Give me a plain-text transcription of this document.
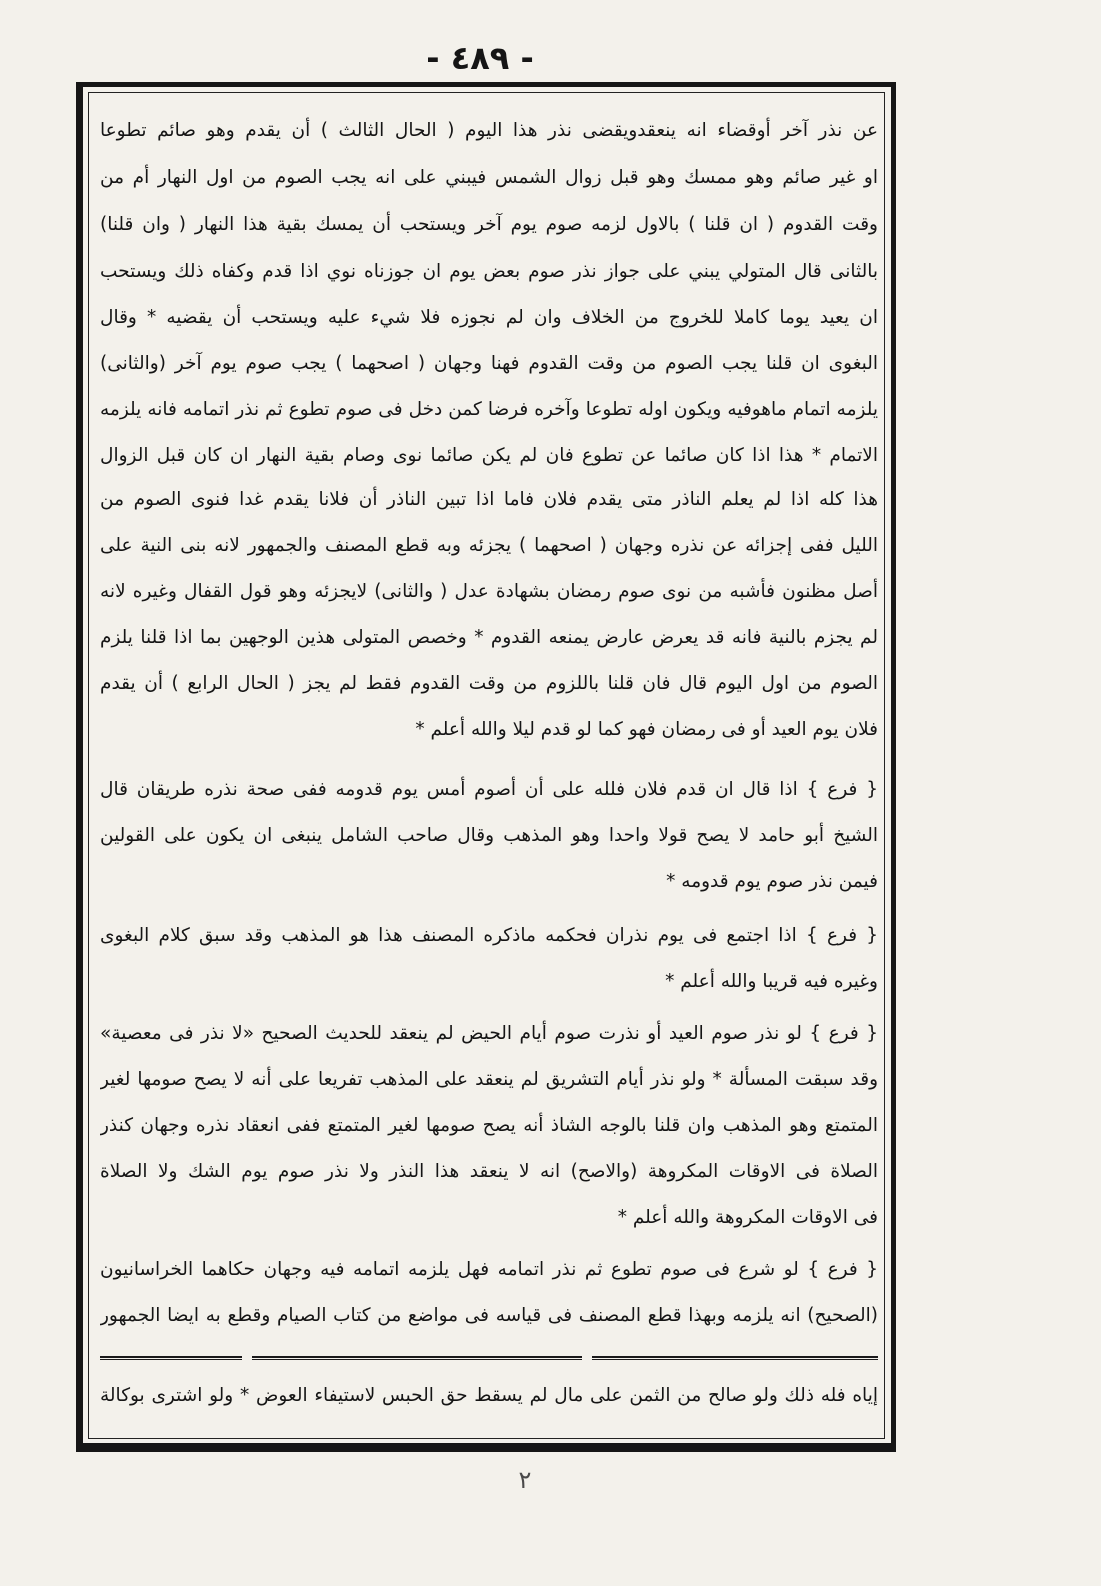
- ٤٨٩ -
عن نذر آخر أوقضاء انه ينعقدويقضى نذر هذا اليوم ( الحال الثالث ) أن يقدم وهو صائم تطوعا
او غير صائم وهو ممسك وهو قبل زوال الشمس فيبني على انه يجب الصوم من اول النهار أم من
وقت القدوم ( ان قلنا ) بالاول لزمه صوم يوم آخر ويستحب أن يمسك بقية هذا النهار ( وان قلنا)
بالثانى قال المتولي يبني على جواز نذر صوم بعض يوم ان جوزناه نوي اذا قدم وكفاه ذلك ويستحب
ان يعيد يوما كاملا للخروج من الخلاف وان لم نجوزه فلا شيء عليه ويستحب أن يقضيه * وقال
البغوى ان قلنا يجب الصوم من وقت القدوم فهنا وجهان ( اصحهما ) يجب صوم يوم آخر (والثانى)
يلزمه اتمام ماهوفيه ويكون اوله تطوعا وآخره فرضا كمن دخل فى صوم تطوع ثم نذر اتمامه فانه يلزمه
الاتمام * هذا اذا كان صائما عن تطوع فان لم يكن صائما نوى وصام بقية النهار ان كان قبل الزوال
هذا كله اذا لم يعلم الناذر متى يقدم فلان فاما اذا تبين الناذر أن فلانا يقدم غدا فنوى الصوم من
الليل ففى إجزائه عن نذره وجهان ( اصحهما ) يجزئه وبه قطع المصنف والجمهور لانه بنى النية على
أصل مظنون فأشبه من نوى صوم رمضان بشهادة عدل ( والثانى) لايجزئه وهو قول القفال وغيره لانه
لم يجزم بالنية فانه قد يعرض عارض يمنعه القدوم * وخصص المتولى هذين الوجهين بما اذا قلنا يلزم
الصوم من اول اليوم قال فان قلنا باللزوم من وقت القدوم فقط لم يجز ( الحال الرابع ) أن يقدم
فلان يوم العيد أو فى رمضان فهو كما لو قدم ليلا والله أعلم *
{ فرع } اذا قال ان قدم فلان فلله على أن أصوم أمس يوم قدومه ففى صحة نذره طريقان قال
الشيخ أبو حامد لا يصح قولا واحدا وهو المذهب وقال صاحب الشامل ينبغى ان يكون على القولين
فيمن نذر صوم يوم قدومه *
{ فرع } اذا اجتمع فى يوم نذران فحكمه ماذكره المصنف هذا هو المذهب وقد سبق كلام البغوى
وغيره فيه قريبا والله أعلم *
{ فرع } لو نذر صوم العيد أو نذرت صوم أيام الحيض لم ينعقد للحديث الصحيح «لا نذر فى معصية»
وقد سبقت المسألة * ولو نذر أيام التشريق لم ينعقد على المذهب تفريعا على أنه لا يصح صومها لغير
المتمتع وهو المذهب وان قلنا بالوجه الشاذ أنه يصح صومها لغير المتمتع ففى انعقاد نذره وجهان كنذر
الصلاة فى الاوقات المكروهة (والاصح) انه لا ينعقد هذا النذر ولا نذر صوم يوم الشك ولا الصلاة
فى الاوقات المكروهة والله أعلم *
{ فرع } لو شرع فى صوم تطوع ثم نذر اتمامه فهل يلزمه اتمامه فيه وجهان حكاهما الخراسانيون
(الصحيح) انه يلزمه وبهذا قطع المصنف فى قياسه فى مواضع من كتاب الصيام وقطع به ايضا الجمهور
إياه فله ذلك ولو صالح من الثمن على مال لم يسقط حق الحبس لاستيفاء العوض * ولو اشترى بوكالة
٢
